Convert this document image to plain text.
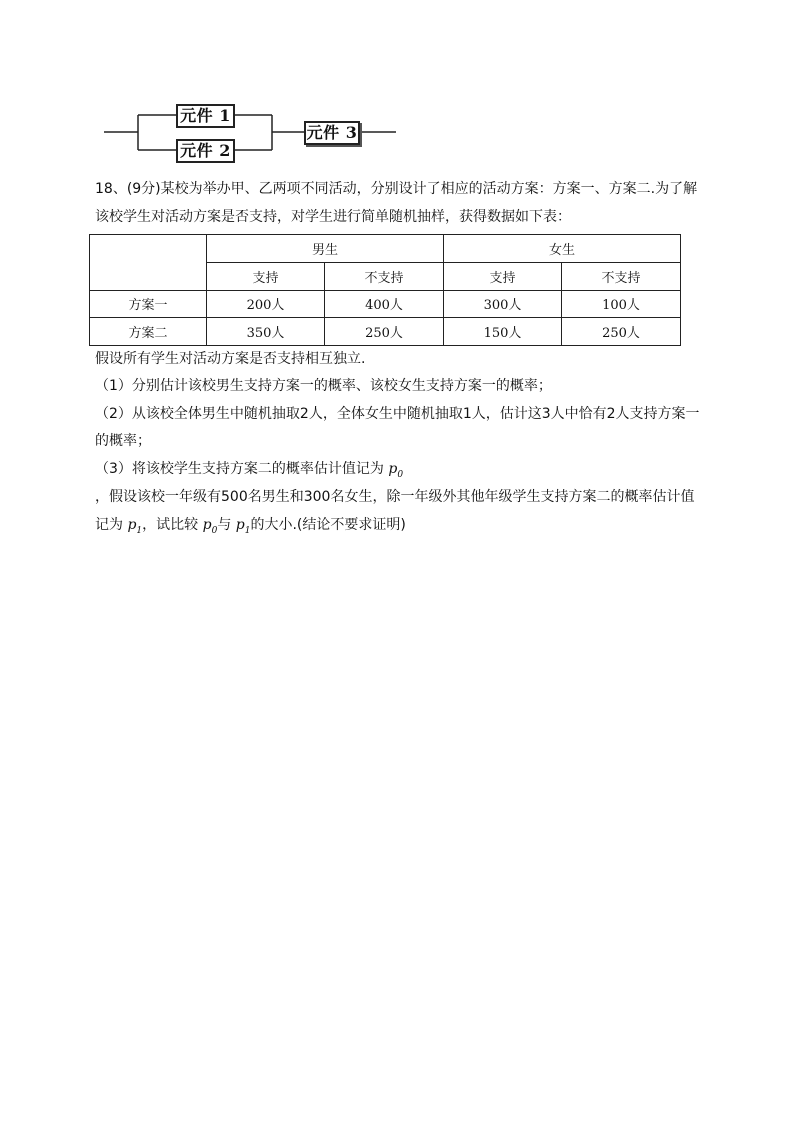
元件 1
元件 2
元件 3
18、(9分)某校为举办甲、乙两项不同活动，分别设计了相应的活动方案：方案一、方案二.为了解
该校学生对活动方案是否支持，对学生进行简单随机抽样，获得数据如下表：
	男生		女生	
	支持	不支持	支持	不支持
方案一	200人	400人	300人	100人
方案二	350人	250人	150人	250人
假设所有学生对活动方案是否支持相互独立.
（1）分别估计该校男生支持方案一的概率、该校女生支持方案一的概率；
（2）从该校全体男生中随机抽取2人，全体女生中随机抽取1人，估计这3人中恰有2人支持方案一
的概率；
（3）将该校学生支持方案二的概率估计值记为 $p_0$
，假设该校一年级有500名男生和300名女生，除一年级外其他年级学生支持方案二的概率估计值
记为 $p_1$，试比较 $p_0$与 $p_1$的大小.(结论不要求证明)
